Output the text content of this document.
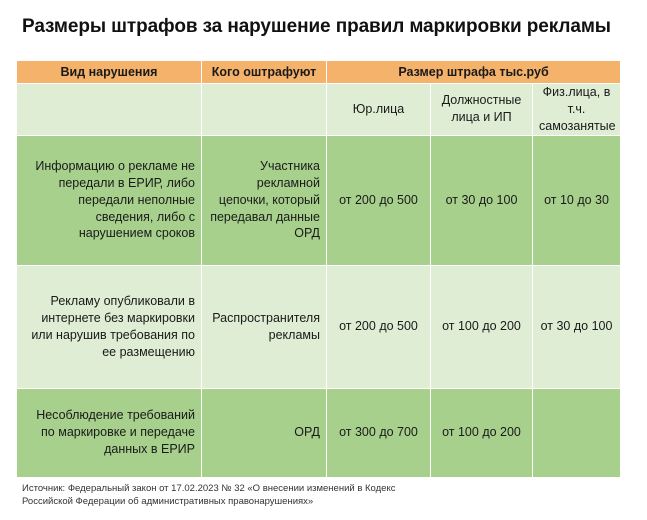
Размеры штрафов за нарушение правил маркировки рекламы
Вид нарушения	Кого оштрафуют	Размер штрафа тыс.руб		
		Юр.лица	Должностные лица и ИП	Физ.лица, в т.ч. самозанятые
Информацию о рекламе не передали в ЕРИР, либо передали неполные сведения, либо с нарушением сроков	Участника рекламной цепочки, который передавал данные ОРД	от 200 до 500	от 30 до 100	от 10 до 30
Рекламу опубликовали в интернете без маркировки или нарушив требования по ее размещению	Распространителя рекламы	от 200 до 500	от 100 до 200	от 30 до 100
Несоблюдение требований по маркировке и передаче данных в ЕРИР	ОРД	от 300 до 700	от 100 до 200	
Источник: Федеральный закон от 17.02.2023 № 32 «О внесении изменений в Кодекс Российской Федерации об административных правонарушениях»
